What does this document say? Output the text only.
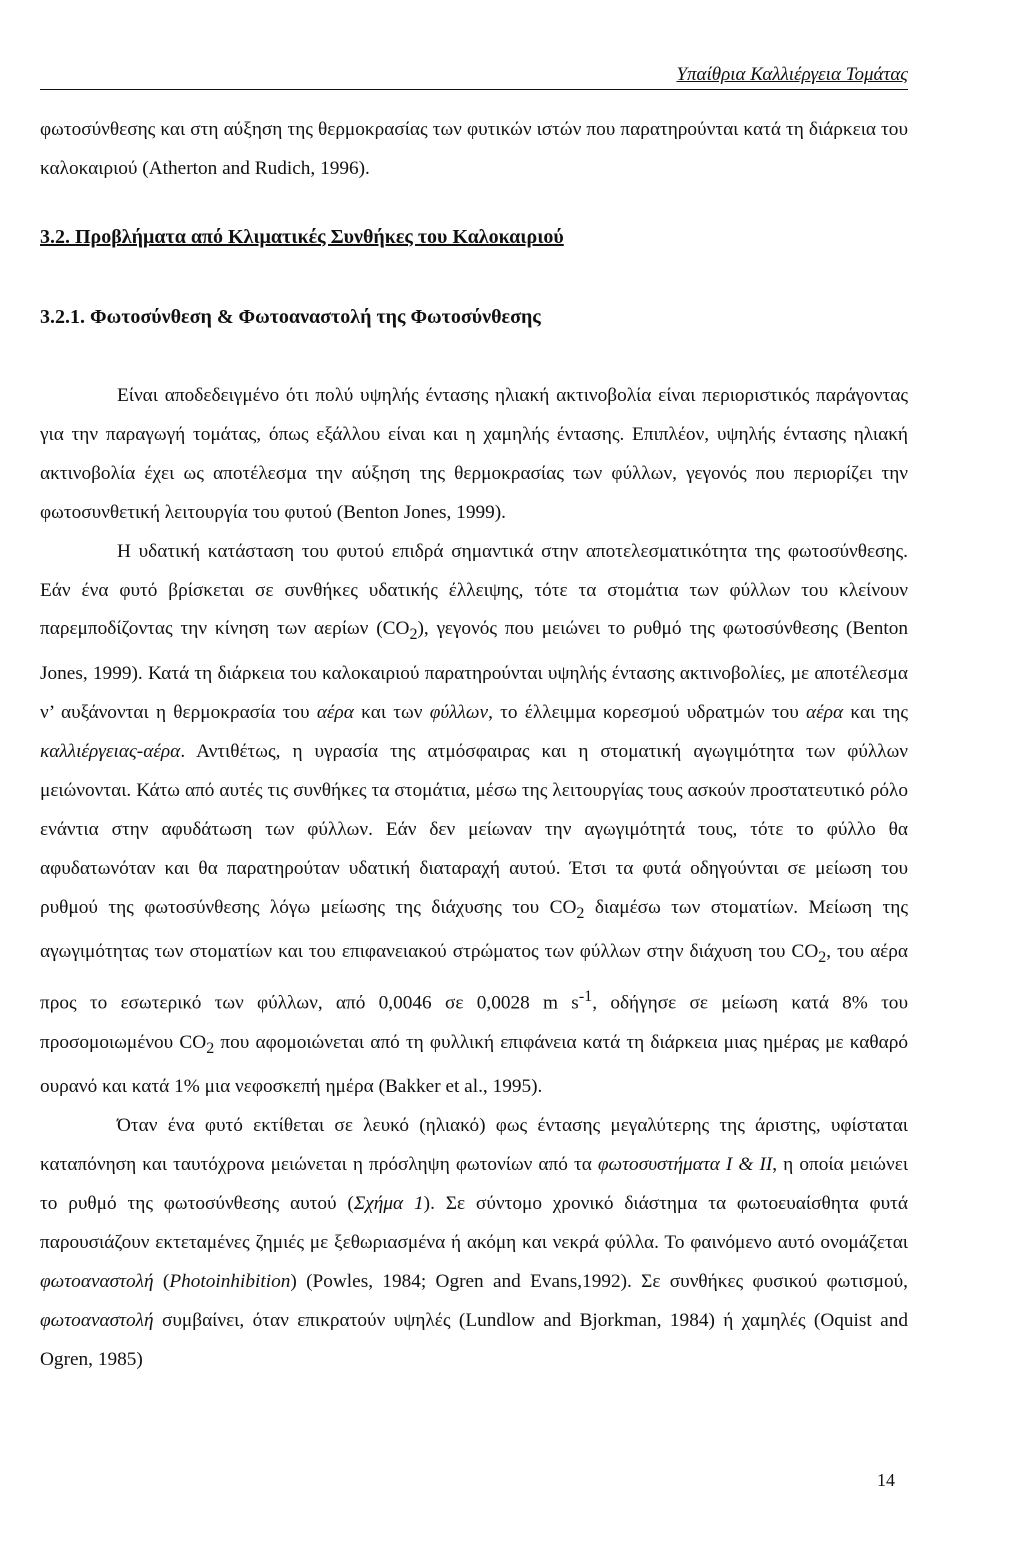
Υπαίθρια Καλλιέργεια Τομάτας

φωτοσύνθεσης και στη αύξηση της θερμοκρασίας των φυτικών ιστών που παρατηρούνται κατά τη διάρκεια του καλοκαιριού (Atherton and Rudich, 1996).

3.2. Προβλήματα από Κλιματικές Συνθήκες του Καλοκαιριού
3.2.1. Φωτοσύνθεση & Φωτοαναστολή της Φωτοσύνθεσης

Είναι αποδεδειγμένο ότι πολύ υψηλής έντασης ηλιακή ακτινοβολία είναι περιοριστικός παράγοντας για την παραγωγή τομάτας, όπως εξάλλου είναι και η χαμηλής έντασης. Επιπλέον, υψηλής έντασης ηλιακή ακτινοβολία έχει ως αποτέλεσμα την αύξηση της θερμοκρασίας των φύλλων, γεγονός που περιορίζει την φωτοσυνθετική λειτουργία του φυτού (Benton Jones, 1999).

Η υδατική κατάσταση του φυτού επιδρά σημαντικά στην αποτελεσματικότητα της φωτοσύνθεσης. Εάν ένα φυτό βρίσκεται σε συνθήκες υδατικής έλλειψης, τότε τα στομάτια των φύλλων του κλείνουν παρεμποδίζοντας την κίνηση των αερίων $(CO_2)$, γεγονός που μειώνει το ρυθμό της φωτοσύνθεσης (Benton Jones, 1999). Κατά τη διάρκεια του καλοκαιριού παρατηρούνται υψηλής έντασης ακτινοβολίες, με αποτέλεσμα ν’ αυξάνονται η θερμοκρασία του αέρα και των φύλλων, το έλλειμμα κορεσμού υδρατμών του αέρα και της καλλιέργειας-αέρα. Αντιθέτως, η υγρασία της ατμόσφαιρας και η στοματική αγωγιμότητα των φύλλων μειώνονται. Κάτω από αυτές τις συνθήκες τα στομάτια, μέσω της λειτουργίας τους ασκούν προστατευτικό ρόλο ενάντια στην αφυδάτωση των φύλλων. Εάν δεν μείωναν την αγωγιμότητά τους, τότε το φύλλο θα αφυδατωνόταν και θα παρατηρούταν υδατική διαταραχή αυτού. Έτσι τα φυτά οδηγούνται σε μείωση του ρυθμού της φωτοσύνθεσης λόγω μείωσης της διάχυσης του $CO_2$ διαμέσω των στοματίων. Μείωση της αγωγιμότητας των στοματίων και του επιφανειακού στρώματος των φύλλων στην διάχυση του $CO_2$, του αέρα προς το εσωτερικό των φύλλων, από 0,0046 σε 0,0028 m $s^{-1}$, οδήγησε σε μείωση κατά 8% του προσομοιωμένου $CO_2$ που αφομοιώνεται από τη φυλλική επιφάνεια κατά τη διάρκεια μιας ημέρας με καθαρό ουρανό και κατά 1% μια νεφοσκεπή ημέρα (Bakker et al., 1995).

Όταν ένα φυτό εκτίθεται σε λευκό (ηλιακό) φως έντασης μεγαλύτερης της άριστης, υφίσταται καταπόνηση και ταυτόχρονα μειώνεται η πρόσληψη φωτονίων από τα φωτοσυστήματα Ι & ΙΙ, η οποία μειώνει το ρυθμό της φωτοσύνθεσης αυτού (Σχήμα 1). Σε σύντομο χρονικό διάστημα τα φωτοευαίσθητα φυτά παρουσιάζουν εκτεταμένες ζημιές με ξεθωριασμένα ή ακόμη και νεκρά φύλλα. Το φαινόμενο αυτό ονομάζεται φωτοαναστολή (Photoinhibition) (Powles, 1984; Ogren and Evans,1992). Σε συνθήκες φυσικού φωτισμού, φωτοαναστολή συμβαίνει, όταν επικρατούν υψηλές (Lundlow and Bjorkman, 1984) ή χαμηλές (Oquist and Ogren, 1985)

14
